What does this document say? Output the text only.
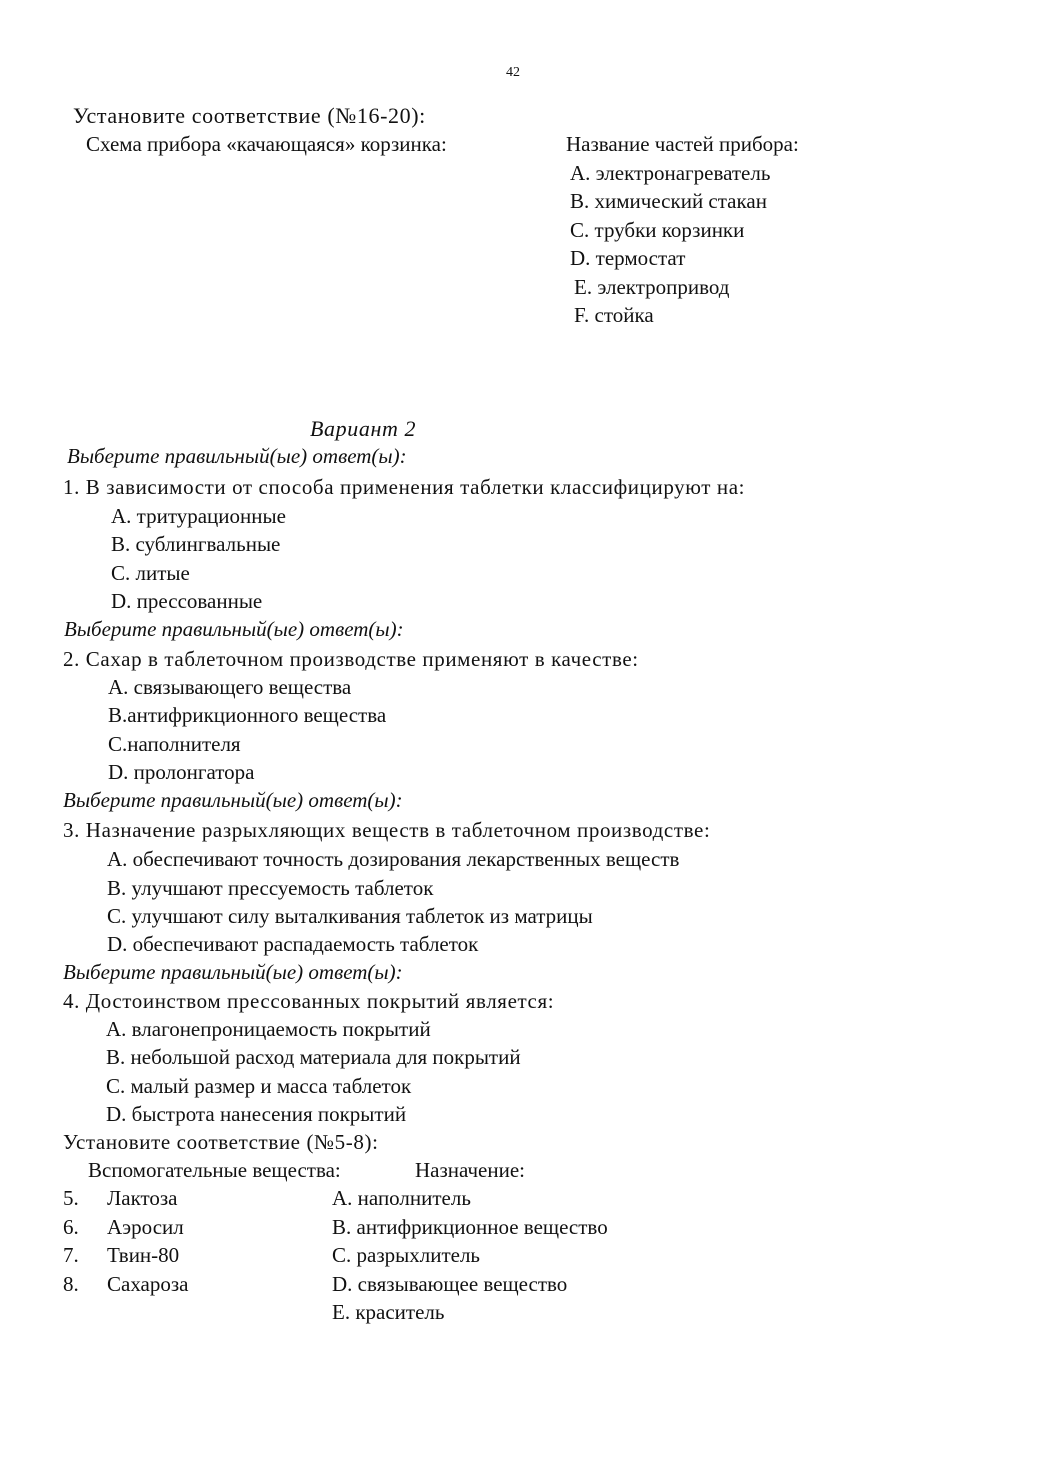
42
Установите соответствие (№16-20):
Схема прибора «качающаяся» корзинка:	Название частей прибора:
A. электронагреватель
B. химический стакан
C. трубки корзинки
D. термостат
E. электропривод
F. стойка
Вариант 2
Выберите правильный(ые) ответ(ы):
1. В зависимости от способа применения таблетки классифицируют на:
A. тритурационные
B. сублингвальные
C. литые
D. прессованные
Выберите правильный(ые) ответ(ы):
2. Сахар в таблеточном производстве применяют в качестве:
A. связывающего вещества
B.антифрикционного вещества
C.наполнителя
D. пролонгатора
Выберите правильный(ые) ответ(ы):
3. Назначение разрыхляющих веществ в таблеточном производстве:
A. обеспечивают точность дозирования лекарственных веществ
B. улучшают прессуемость таблеток
C. улучшают силу выталкивания таблеток из матрицы
D. обеспечивают распадаемость таблеток
Выберите правильный(ые) ответ(ы):
4. Достоинством прессованных покрытий является:
A. влагонепроницаемость покрытий
B. небольшой расход материала для покрытий
C. малый размер и масса таблеток
D. быстрота нанесения покрытий
Установите соответствие (№5-8):
Вспомогательные вещества:	Назначение:
5. Лактоза
6. Аэросил
7. Твин-80
8. Сахароза
A. наполнитель
B. антифрикционное вещество
C. разрыхлитель
D. связывающее вещество
E. краситель
